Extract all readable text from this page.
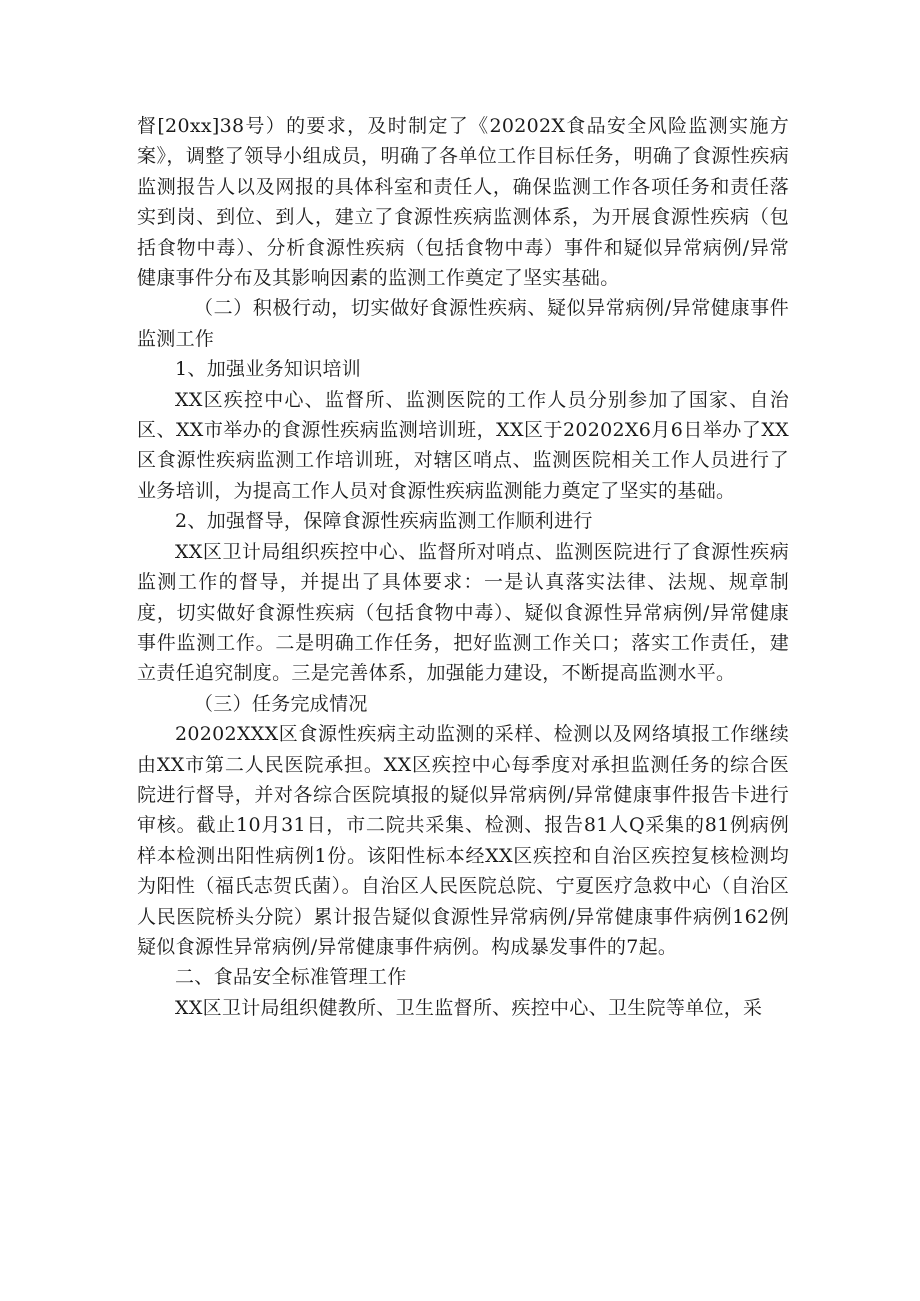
督[20xx]38号）的要求，及时制定了《20202X食品安全风险监测实施方案》，调整了领导小组成员，明确了各单位工作目标任务，明确了食源性疾病监测报告人以及网报的具体科室和责任人，确保监测工作各项任务和责任落实到岗、到位、到人，建立了食源性疾病监测体系，为开展食源性疾病（包括食物中毒）、分析食源性疾病（包括食物中毒）事件和疑似异常病例/异常健康事件分布及其影响因素的监测工作奠定了坚实基础。

（二）积极行动，切实做好食源性疾病、疑似异常病例/异常健康事件监测工作

1、加强业务知识培训

XX区疾控中心、监督所、监测医院的工作人员分别参加了国家、自治区、XX市举办的食源性疾病监测培训班，XX区于20202X6月6日举办了XX区食源性疾病监测工作培训班，对辖区哨点、监测医院相关工作人员进行了业务培训，为提高工作人员对食源性疾病监测能力奠定了坚实的基础。

2、加强督导，保障食源性疾病监测工作顺利进行

XX区卫计局组织疾控中心、监督所对哨点、监测医院进行了食源性疾病监测工作的督导，并提出了具体要求：一是认真落实法律、法规、规章制度，切实做好食源性疾病（包括食物中毒）、疑似食源性异常病例/异常健康事件监测工作。二是明确工作任务，把好监测工作关口；落实工作责任，建立责任追究制度。三是完善体系，加强能力建设，不断提高监测水平。

（三）任务完成情况

20202XXX区食源性疾病主动监测的采样、检测以及网络填报工作继续由XX市第二人民医院承担。XX区疾控中心每季度对承担监测任务的综合医院进行督导，并对各综合医院填报的疑似异常病例/异常健康事件报告卡进行审核。截止10月31日，市二院共采集、检测、报告81人Q采集的81例病例样本检测出阳性病例1份。该阳性标本经XX区疾控和自治区疾控复核检测均为阳性（福氏志贺氏菌）。自治区人民医院总院、宁夏医疗急救中心（自治区人民医院桥头分院）累计报告疑似食源性异常病例/异常健康事件病例162例疑似食源性异常病例/异常健康事件病例。构成暴发事件的7起。

二、食品安全标准管理工作

XX区卫计局组织健教所、卫生监督所、疾控中心、卫生院等单位，采
